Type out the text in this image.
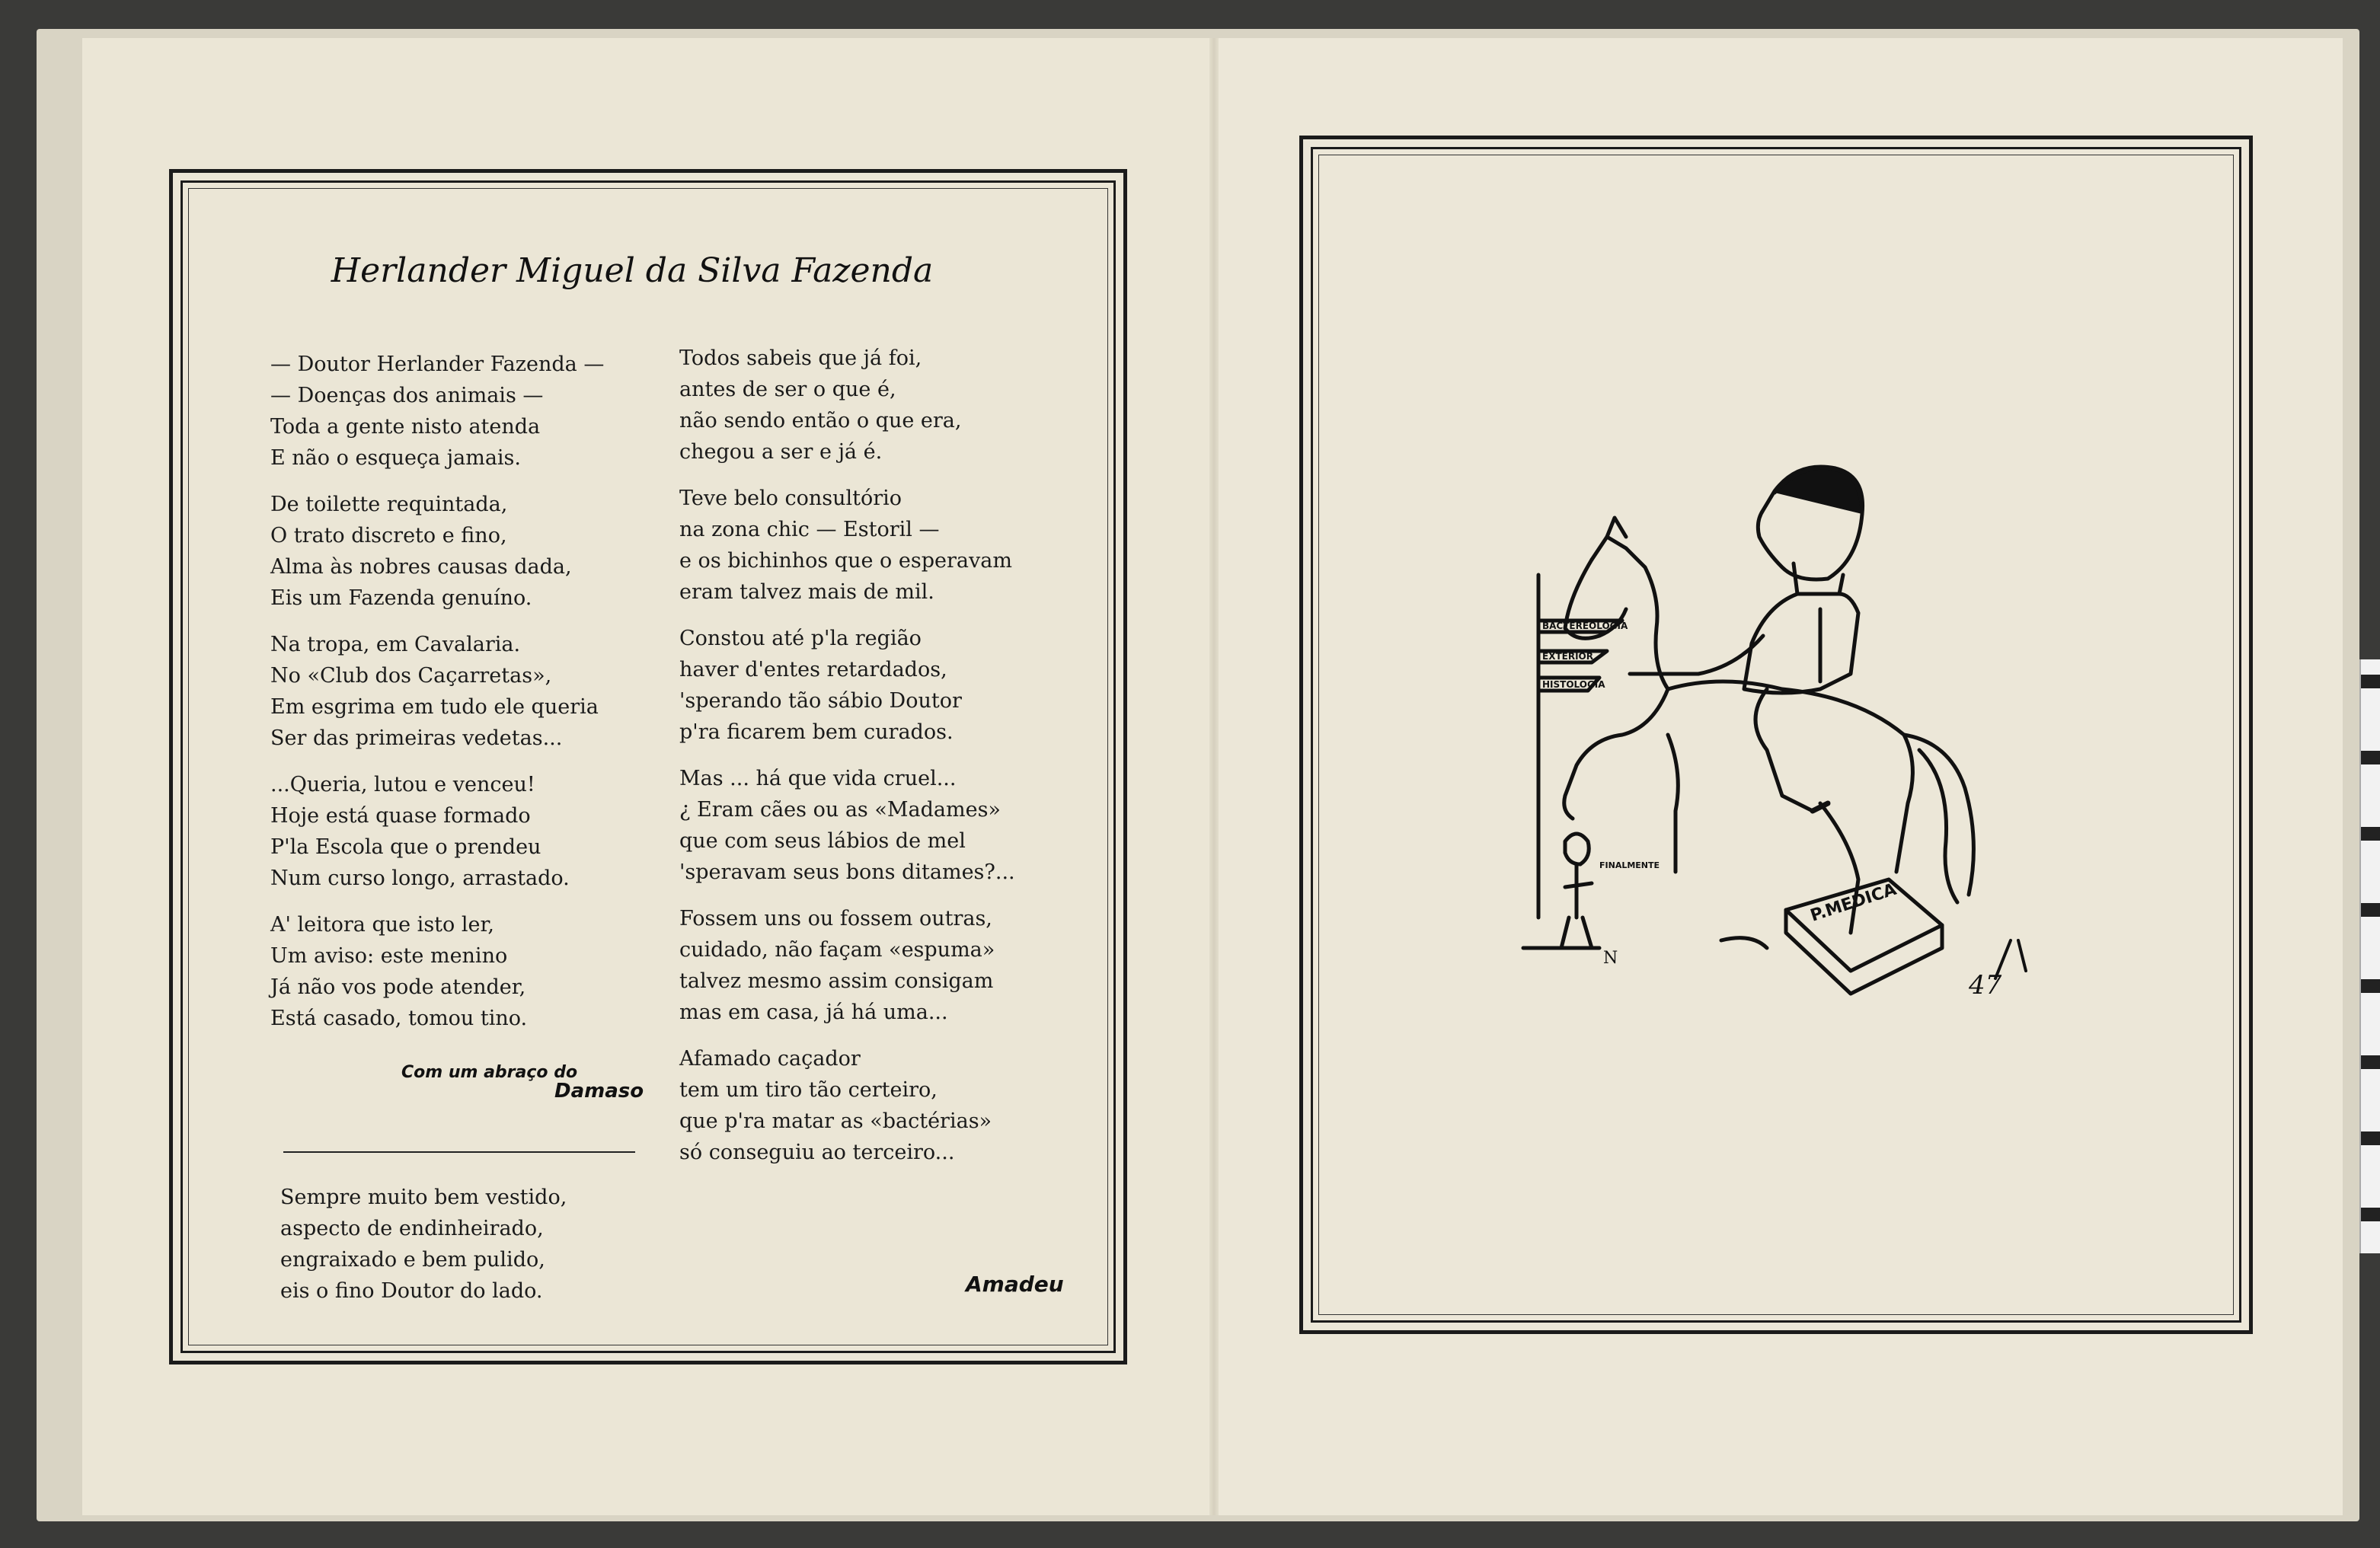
Herlander Miguel da Silva Fazenda
— Doutor Herlander Fazenda —
— Doenças dos animais —
Toda a gente nisto atenda
E não o esqueça jamais.
De toilette requintada,
O trato discreto e fino,
Alma às nobres causas dada,
Eis um Fazenda genuíno.
Na tropa, em Cavalaria.
No «Club dos Caçarretas»,
Em esgrima em tudo ele queria
Ser das primeiras vedetas...
...Queria, lutou e venceu!
Hoje está quase formado
P'la Escola que o prendeu
Num curso longo, arrastado.
A' leitora que isto ler,
Um aviso: este menino
Já não vos pode atender,
Está casado, tomou tino.
Com um abraço do
Damaso
Sempre muito bem vestido,
aspecto de endinheirado,
engraixado e bem pulido,
eis o fino Doutor do lado.
Todos sabeis que já foi,
antes de ser o que é,
não sendo então o que era,
chegou a ser e já é.
Teve belo consultório
na zona chic — Estoril —
e os bichinhos que o esperavam
eram talvez mais de mil.
Constou até p'la região
haver d'entes retardados,
'sperando tão sábio Doutor
p'ra ficarem bem curados.
Mas ... há que vida cruel...
¿ Eram cães ou as «Madames»
que com seus lábios de mel
'speravam seus bons ditames?...
Fossem uns ou fossem outras,
cuidado, não façam «espuma»
talvez mesmo assim consigam
mas em casa, já há uma...
Afamado caçador
tem um tiro tão certeiro,
que p'ra matar as «bactérias»
só conseguiu ao terceiro...
Amadeu
BACTEREOLOGIA
EXTERIOR
HISTOLOGIA
P.MEDICA
FINALMENTE
N
47
